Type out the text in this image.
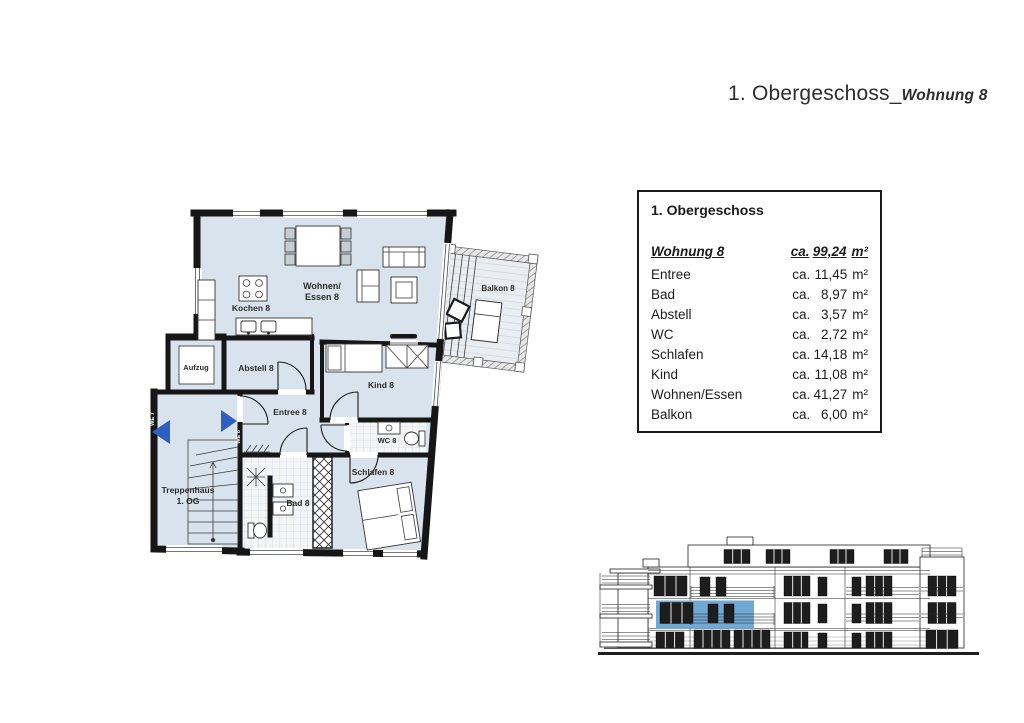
Kochen 8
Wohnen/
Essen 8
Abstell 8
Aufzug
Entree 8
Kind 8
WC 8
Schlafen 8
Bad 8
Treppenhaus
1. OG
Balkon 8
WE 7
WE 8
1. Obergeschoss_Wohnung 8
1. Obergeschoss
Wohnung 8	ca. 99,24 m²
Entree	ca. 11,45 m²
Bad	ca. 8,97 m²
Abstell	ca. 3,57 m²
WC	ca. 2,72 m²
Schlafen	ca. 14,18 m²
Kind	ca. 11,08 m²
Wohnen/Essen	ca. 41,27 m²
Balkon	ca. 6,00 m²
